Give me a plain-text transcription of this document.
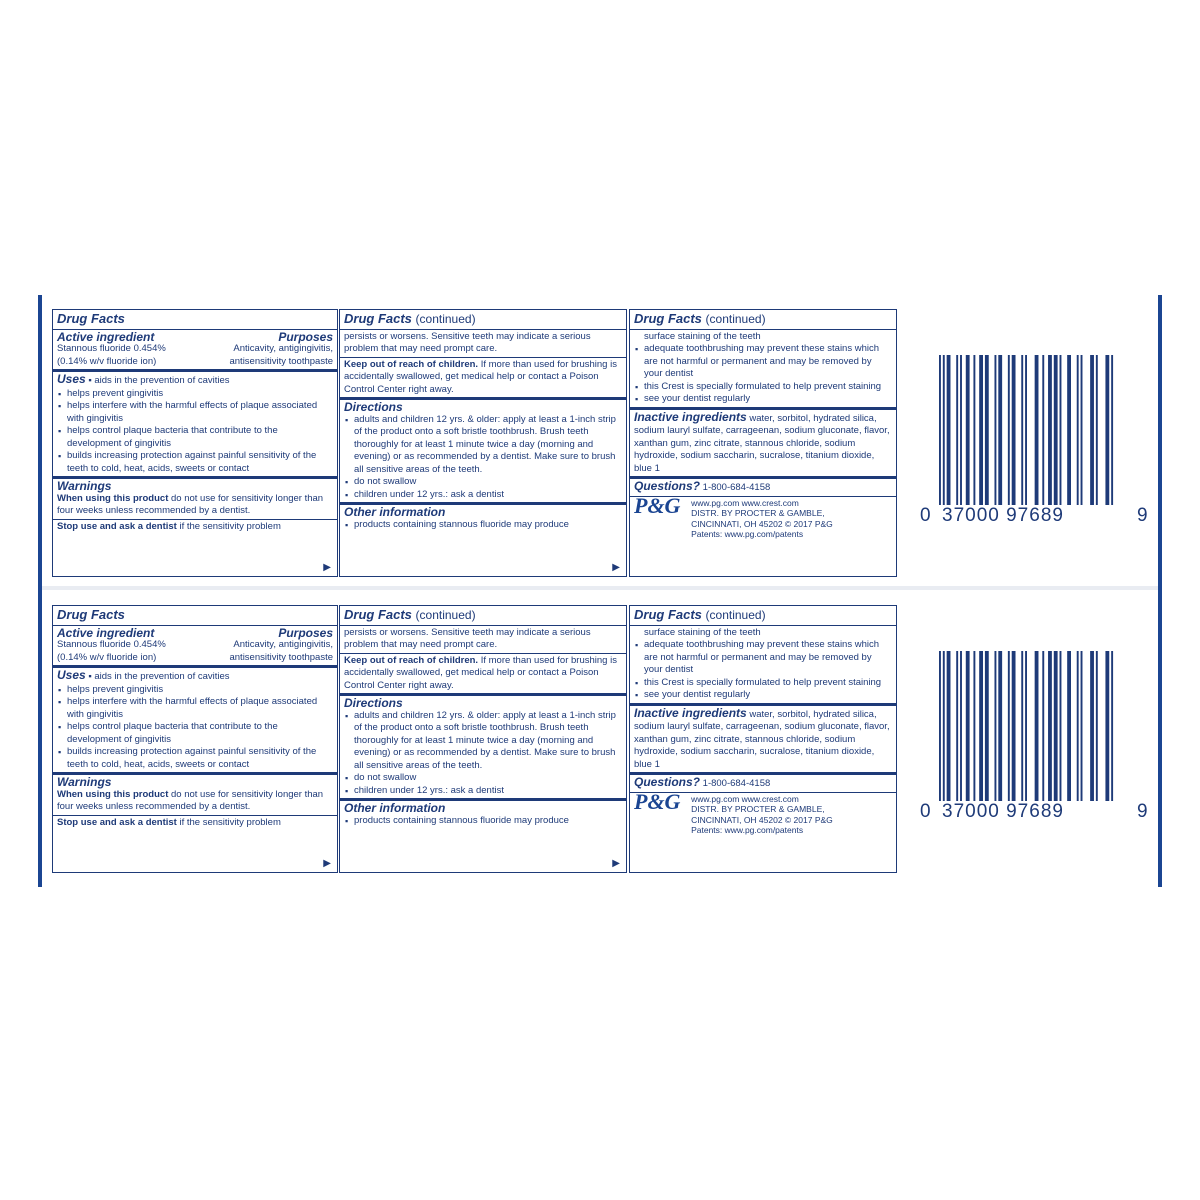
Drug Facts
Active ingredient	Purposes
Stannous fluoride 0.454%	Anticavity, antigingivitis,
(0.14% w/v fluoride ion)	antisensitivity toothpaste
Uses ▪ aids in the prevention of cavities
▪ helps prevent gingivitis
▪ helps interfere with the harmful effects of plaque associated with gingivitis
▪ helps control plaque bacteria that contribute to the development of gingivitis
▪ builds increasing protection against painful sensitivity of the teeth to cold, heat, acids, sweets or contact
Warnings
When using this product do not use for sensitivity longer than four weeks unless recommended by a dentist.
Stop use and ask a dentist if the sensitivity problem
▶
Drug Facts (continued)
persists or worsens. Sensitive teeth may indicate a serious problem that may need prompt care.
Keep out of reach of children. If more than used for brushing is accidentally swallowed, get medical help or contact a Poison Control Center right away.
Directions
▪ adults and children 12 yrs. & older: apply at least a 1-inch strip of the product onto a soft bristle toothbrush. Brush teeth thoroughly for at least 1 minute twice a day (morning and evening) or as recommended by a dentist. Make sure to brush all sensitive areas of the teeth.
▪ do not swallow
▪ children under 12 yrs.: ask a dentist
Other information
▪ products containing stannous fluoride may produce
▶
Drug Facts (continued)
surface staining of the teeth
▪ adequate toothbrushing may prevent these stains which are not harmful or permanent and may be removed by your dentist
▪ this Crest is specially formulated to help prevent staining
▪ see your dentist regularly
Inactive ingredients water, sorbitol, hydrated silica, sodium lauryl sulfate, carrageenan, sodium gluconate, flavor, xanthan gum, zinc citrate, stannous chloride, sodium hydroxide, sodium saccharin, sucralose, titanium dioxide, blue 1
Questions? 1-800-684-4158
P&G www.pg.com www.crest.com
DISTR. BY PROCTER & GAMBLE,
CINCINNATI, OH 45202 © 2017 P&G
Patents: www.pg.com/patents
0 37000 97689	9
Drug Facts
Active ingredient	Purposes
Stannous fluoride 0.454%	Anticavity, antigingivitis,
(0.14% w/v fluoride ion)	antisensitivity toothpaste
Uses ▪ aids in the prevention of cavities
▪ helps prevent gingivitis
▪ helps interfere with the harmful effects of plaque associated with gingivitis
▪ helps control plaque bacteria that contribute to the development of gingivitis
▪ builds increasing protection against painful sensitivity of the teeth to cold, heat, acids, sweets or contact
Warnings
When using this product do not use for sensitivity longer than four weeks unless recommended by a dentist.
Stop use and ask a dentist if the sensitivity problem
▶
Drug Facts (continued)
persists or worsens. Sensitive teeth may indicate a serious problem that may need prompt care.
Keep out of reach of children. If more than used for brushing is accidentally swallowed, get medical help or contact a Poison Control Center right away.
Directions
▪ adults and children 12 yrs. & older: apply at least a 1-inch strip of the product onto a soft bristle toothbrush. Brush teeth thoroughly for at least 1 minute twice a day (morning and evening) or as recommended by a dentist. Make sure to brush all sensitive areas of the teeth.
▪ do not swallow
▪ children under 12 yrs.: ask a dentist
Other information
▪ products containing stannous fluoride may produce
▶
Drug Facts (continued)
surface staining of the teeth
▪ adequate toothbrushing may prevent these stains which are not harmful or permanent and may be removed by your dentist
▪ this Crest is specially formulated to help prevent staining
▪ see your dentist regularly
Inactive ingredients water, sorbitol, hydrated silica, sodium lauryl sulfate, carrageenan, sodium gluconate, flavor, xanthan gum, zinc citrate, stannous chloride, sodium hydroxide, sodium saccharin, sucralose, titanium dioxide, blue 1
Questions? 1-800-684-4158
P&G www.pg.com www.crest.com
DISTR. BY PROCTER & GAMBLE,
CINCINNATI, OH 45202 © 2017 P&G
Patents: www.pg.com/patents
0 37000 97689	9
